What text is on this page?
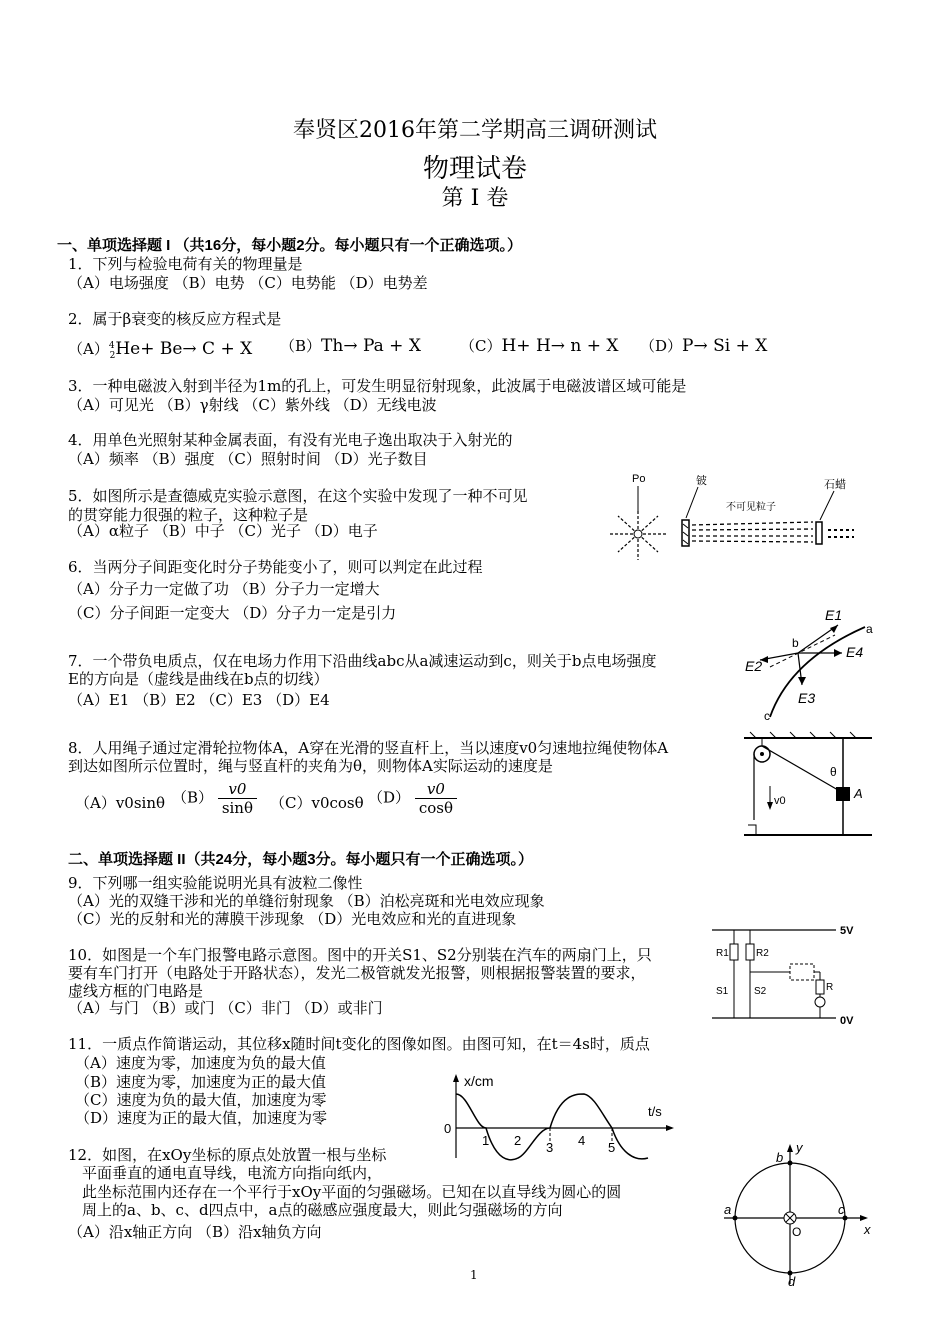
奉贤区2016年第二学期高三调研测试
物理试卷
第 I 卷
一、单项选择题 I （共16分，每小题2分。每小题只有一个正确选项。）
1．下列与检验电荷有关的物理量是
（A）电场强度 （B）电势 （C）电势能 （D）电势差
2．属于β衰变的核反应方程式是
$(A)^4_2He+ Be\to C + X$ （B）Th→ Pa + X	（C）H+ H→ n + X （D）P→ Si + X
3．一种电磁波入射到半径为1m的孔上，可发生明显衍射现象，此波属于电磁波谱区域可能是
（A）可见光 （B）γ射线 （C）紫外线 （D）无线电波
4．用单色光照射某种金属表面，有没有光电子逸出取决于入射光的
（A）频率 （B）强度 （C）照射时间 （D）光子数目
5．如图所示是查德威克实验示意图，在这个实验中发现了一种不可见
的贯穿能力很强的粒子，这种粒子是
（A）α粒子 （B）中子 （C）光子 （D）电子
Po	铍
不可见粒子
石蜡
6．当两分子间距变化时分子势能变小了，则可以判定在此过程
（A）分子力一定做了功 （B）分子力一定增大
（C）分子间距一定变大 （D）分子力一定是引力
7．一个带负电质点，仅在电场力作用下沿曲线abc从a减速运动到c，则关于b点电场强度
E的方向是（虚线是曲线在b点的切线）
（A）E1 （B）E2 （C）E3 （D）E4
E1
E2
E3
E4
a
b
c
8．人用绳子通过定滑轮拉物体A，A穿在光滑的竖直杆上，当以速度v0匀速地拉绳使物体A
到达如图所示位置时，绳与竖直杆的夹角为θ，则物体A实际运动的速度是
（A）v0sinθ $(B) \frac{v0}{\sin\theta} (C)v0\cos\theta$ $(D) \frac{v0}{\cos\theta}$	A
θ
v0
二、单项选择题 II（共24分，每小题3分。每小题只有一个正确选项。）
9．下列哪一组实验能说明光具有波粒二像性
（A）光的双缝干涉和光的单缝衍射现象 （B）泊松亮斑和光电效应现象
（C）光的反射和光的薄膜干涉现象 （D）光电效应和光的直进现象
10．如图是一个车门报警电路示意图。图中的开关S1、S2分别装在汽车的两扇门上，只
要有车门打开（电路处于开路状态），发光二极管就发光报警，则根据报警装置的要求，
虚线方框的门电路是
（A）与门 （B）或门 （C）非门 （D）或非门
5V
0V
R1	R2
R
S1	S2
11．一质点作简谐运动，其位移x随时间t变化的图像如图。由图可知，在t＝4s时，质点
（A）速度为零，加速度为负的最大值
（B）速度为零，加速度为正的最大值
（C）速度为负的最大值，加速度为零
（D）速度为正的最大值，加速度为零
x/cm
t/s
0
1 2 3 4 5
12．如图，在xOy坐标的原点处放置一根与坐标
平面垂直的通电直导线，电流方向指向纸内，
此坐标范围内还存在一个平行于xOy平面的匀强磁场。已知在以直导线为圆心的圆
周上的a、b、c、d四点中，a点的磁感应强度最大，则此匀强磁场的方向
（A）沿x轴正方向 （B）沿x轴负方向
a
b
c
d
O	x
y
1
